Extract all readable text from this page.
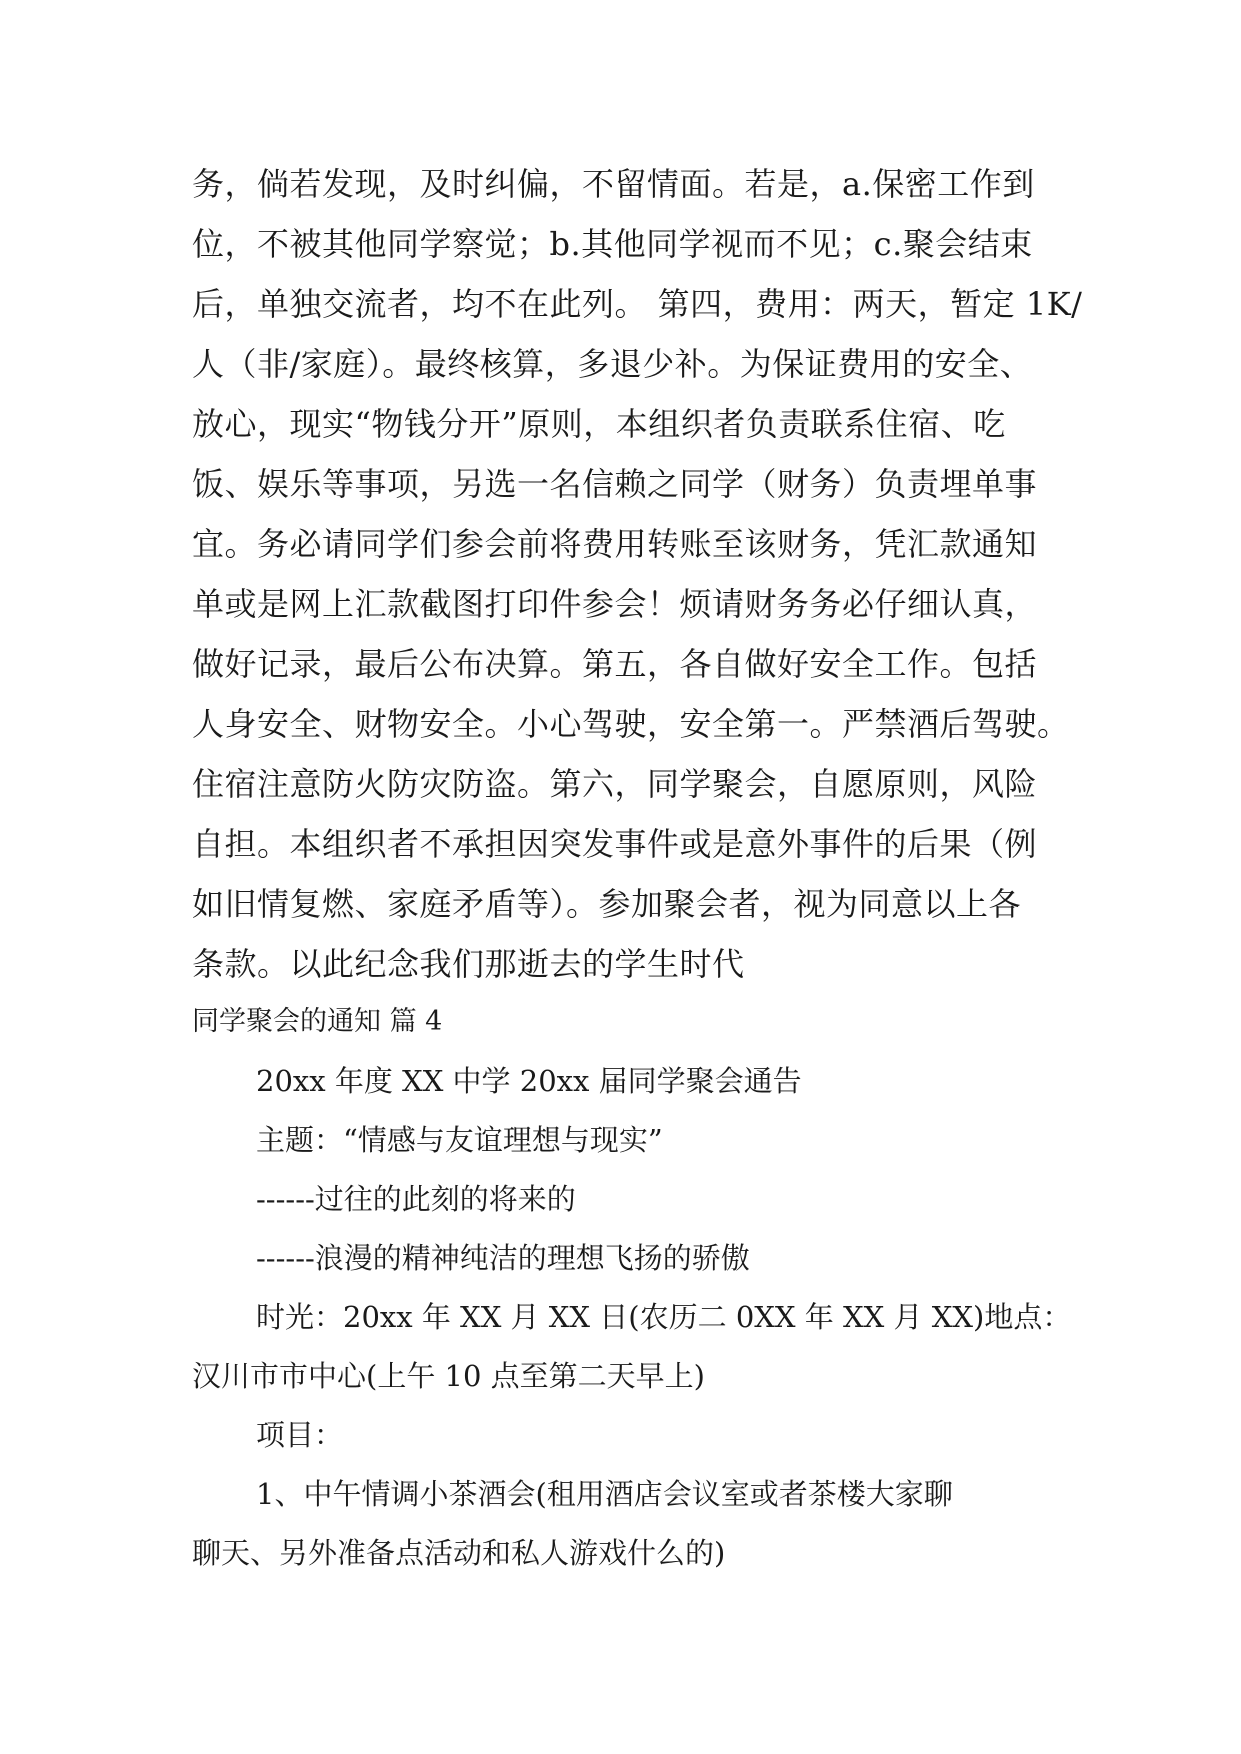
务，倘若发现，及时纠偏，不留情面。若是，a.保密工作到
位，不被其他同学察觉；b.其他同学视而不见；c.聚会结束
后，单独交流者，均不在此列。 第四，费用：两天，暂定 1K/
人（非/家庭）。最终核算，多退少补。为保证费用的安全、
放心，现实“物钱分开”原则，本组织者负责联系住宿、吃
饭、娱乐等事项，另选一名信赖之同学（财务）负责埋单事
宜。务必请同学们参会前将费用转账至该财务，凭汇款通知
单或是网上汇款截图打印件参会！烦请财务务必仔细认真，
做好记录，最后公布决算。第五，各自做好安全工作。包括
人身安全、财物安全。小心驾驶，安全第一。严禁酒后驾驶。
住宿注意防火防灾防盗。第六，同学聚会，自愿原则，风险
自担。本组织者不承担因突发事件或是意外事件的后果（例
如旧情复燃、家庭矛盾等）。参加聚会者，视为同意以上各
条款。以此纪念我们那逝去的学生时代
同学聚会的通知 篇 4
20xx 年度 XX 中学 20xx 届同学聚会通告
主题：“情感与友谊理想与现实”
------过往的此刻的将来的
------浪漫的精神纯洁的理想飞扬的骄傲
时光：20xx 年 XX 月 XX 日(农历二 0XX 年 XX 月 XX)地点：
汉川市市中心(上午 10 点至第二天早上)
项目：
1、中午情调小茶酒会(租用酒店会议室或者茶楼大家聊
聊天、另外准备点活动和私人游戏什么的)
